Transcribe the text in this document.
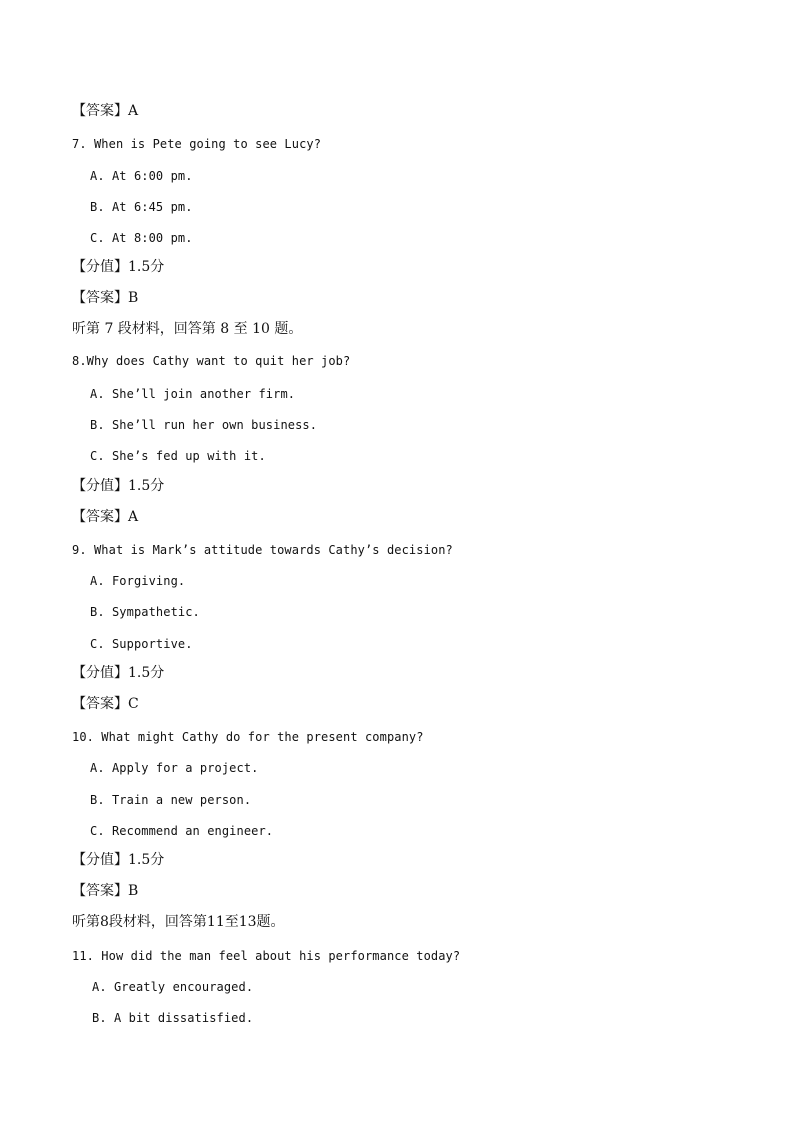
【答案】A
7. When is Pete going to see Lucy?
A. At 6:00 pm.
B. At 6:45 pm.
C. At 8:00 pm.
【分值】1.5分
【答案】B
听第 7 段材料，回答第 8 至 10 题。
8.Why does Cathy want to quit her job?
A. She’ll join another firm.
B. She’ll run her own business.
C. She’s fed up with it.
【分值】1.5分
【答案】A
9. What is Mark’s attitude towards Cathy’s decision?
A. Forgiving.
B. Sympathetic.
C. Supportive.
【分值】1.5分
【答案】C
10. What might Cathy do for the present company?
A. Apply for a project.
B. Train a new person.
C. Recommend an engineer.
【分值】1.5分
【答案】B
听第8段材料，回答第11至13题。
11. How did the man feel about his performance today?
A. Greatly encouraged.
B. A bit dissatisfied.
